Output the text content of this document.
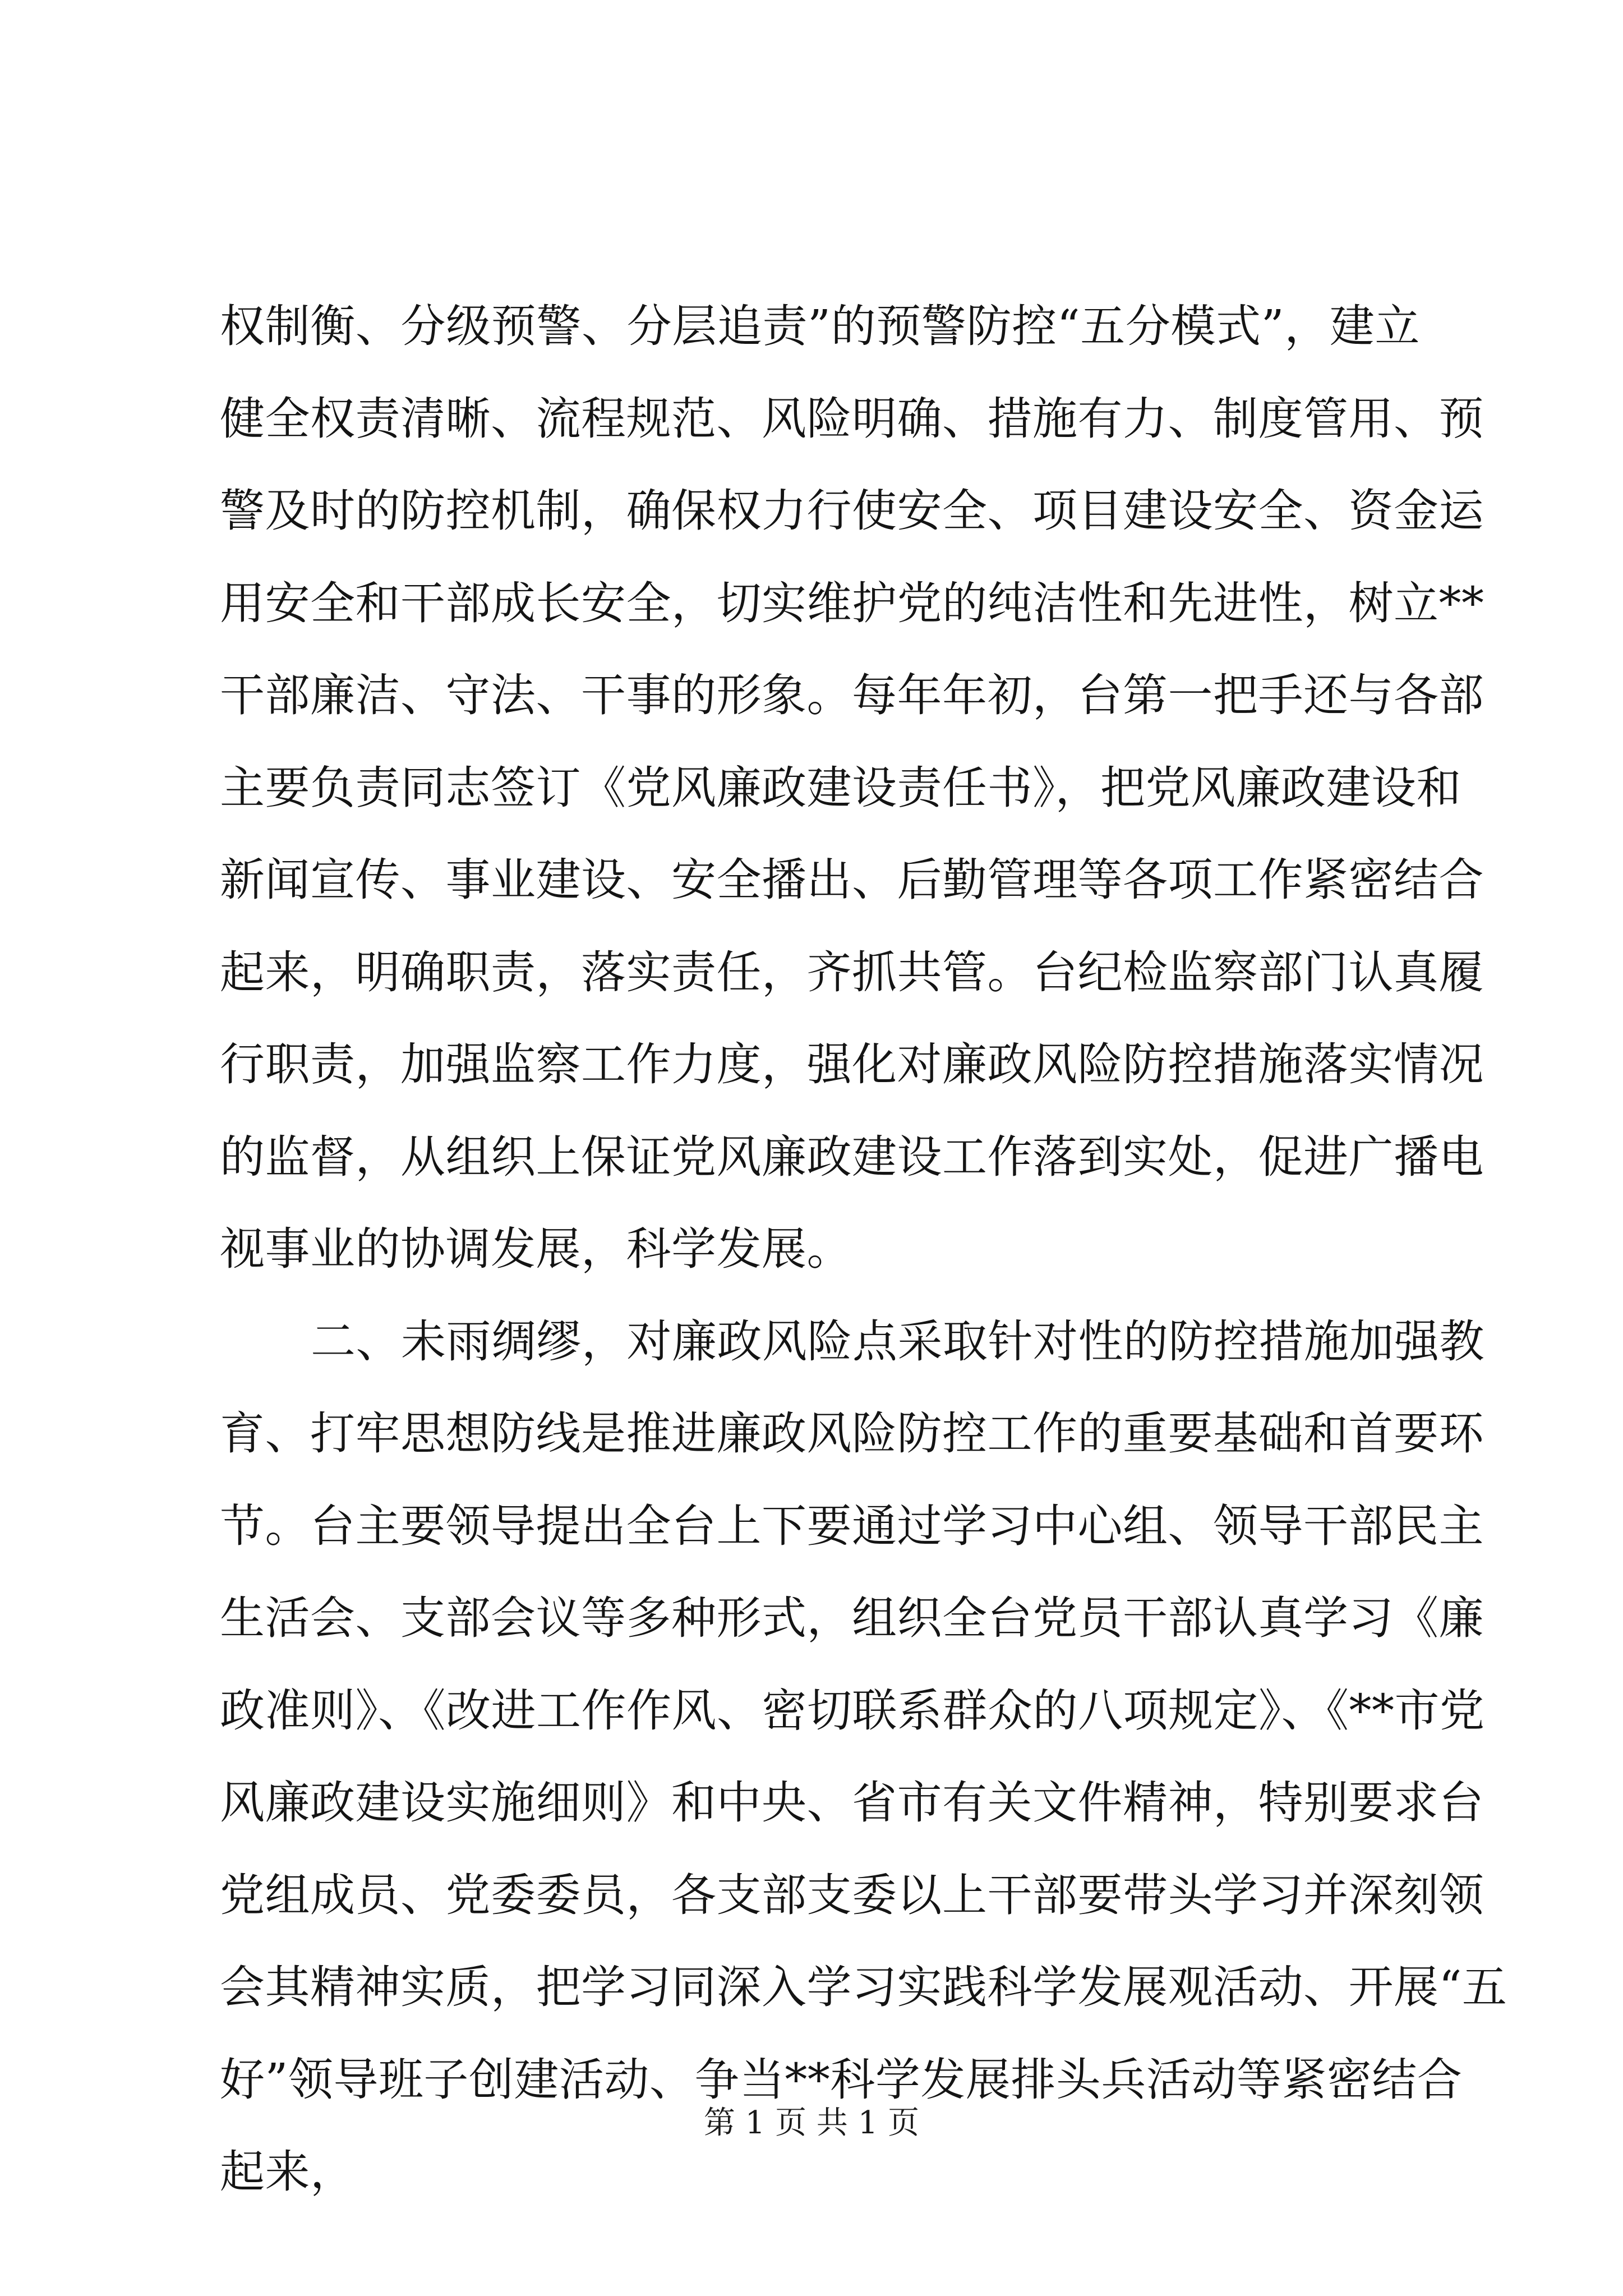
权制衡、分级预警、分层追责”的预警防控“五分模式”，建立
健全权责清晰、流程规范、风险明确、措施有力、制度管用、预
警及时的防控机制，确保权力行使安全、项目建设安全、资金运
用安全和干部成长安全，切实维护党的纯洁性和先进性，树立**
干部廉洁、守法、干事的形象。每年年初，台第一把手还与各部
主要负责同志签订《党风廉政建设责任书》，把党风廉政建设和
新闻宣传、事业建设、安全播出、后勤管理等各项工作紧密结合
起来，明确职责，落实责任，齐抓共管。台纪检监察部门认真履
行职责，加强监察工作力度，强化对廉政风险防控措施落实情况
的监督，从组织上保证党风廉政建设工作落到实处，促进广播电
视事业的协调发展，科学发展。
二、未雨绸缪，对廉政风险点采取针对性的防控措施加强教
育、打牢思想防线是推进廉政风险防控工作的重要基础和首要环
节。台主要领导提出全台上下要通过学习中心组、领导干部民主
生活会、支部会议等多种形式，组织全台党员干部认真学习《廉
政准则》、《改进工作作风、密切联系群众的八项规定》、《**市党
风廉政建设实施细则》和中央、省市有关文件精神，特别要求台
党组成员、党委委员，各支部支委以上干部要带头学习并深刻领
会其精神实质，把学习同深入学习实践科学发展观活动、开展“五
好”领导班子创建活动、争当**科学发展排头兵活动等紧密结合
起来，
第 1 页 共 1 页
